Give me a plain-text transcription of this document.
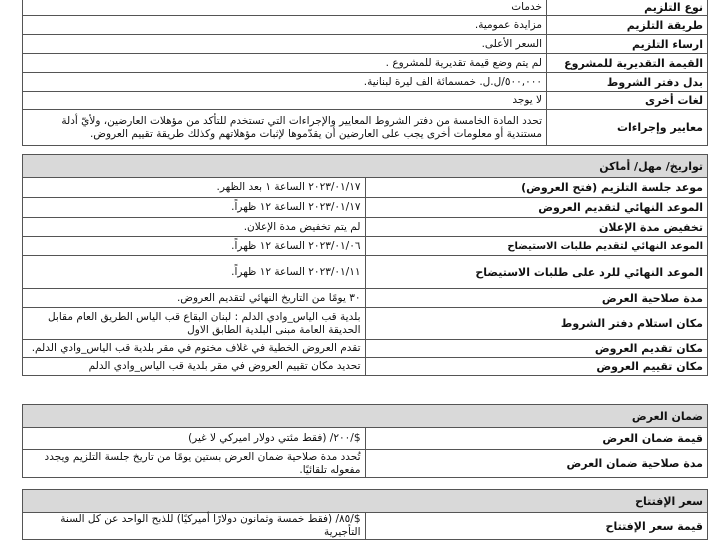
نوع التلزيم	خدمات
طريقة التلزيم	مزايدة عمومية.
ارساء التلزيم	السعر الأعلى.
القيمة التقديرية للمشروع	لم يتم وضع قيمة تقديرية للمشروع .
بدل دفتر الشروط	٥٠٠,٠٠٠/ل.ل. خمسمائة الف ليرة لبنانية.
لغات أخرى	لا يوجد
معايير وإجراءات	تحدد المادة الخامسة من دفتر الشروط المعايير والإجراءات التي تستخدم للتأكد من مؤهلات العارضين، ولأيّ أدلة مستندية أو معلومات أخرى يجب على العارضين أن يقدّموها لإثبات مؤهلاتهم وكذلك طريقة تقييم العروض.
تواريخ/ مهل/ أماكن	
موعد جلسة التلزيم (فتح العروض)	٢٠٢٣/٠١/١٧ الساعة ١ بعد الظهر.
الموعد النهائي لتقديم العروض	٢٠٢٣/٠١/١٧ الساعة ١٢ ظهراً.
تخفيض مدة الإعلان	لم يتم تخفيض مدة الإعلان.
الموعد النهائي لتقديم طلبات الاستيضاح	٢٠٢٣/٠١/٠٦ الساعة ١٢ ظهراً.
الموعد النهائي للرد على طلبات الاستيضاح	٢٠٢٣/٠١/١١ الساعة ١٢ ظهراً.
مدة صلاحية العرض	٣٠ يومًا من التاريخ النهائي لتقديم العروض.
مكان استلام دفتر الشروط	بلدية قب الياس_وادي الدلم : لبنان البقاع قب الياس الطريق العام مقابل الحديقة العامة مبنى البلدية الطابق الاول
مكان تقديم العروض	تقدم العروض الخطية في غلاف مختوم في مقر بلدية قب الياس_وادي الدلم.
مكان تقييم العروض	تحديد مكان تقييم العروض في مقر بلدية قب الياس_وادي الدلم
ضمان العرض	
قيمة ضمان العرض	$/٢٠٠/ (فقط مئتي دولار اميركي لا غير)
مدة صلاحية ضمان العرض	تُحدد مدة صلاحية ضمان العرض بستين يومًا من تاريخ جلسة التلزيم ويجدد مفعوله تلقائيًا.
سعر الإفتتاح
قيمة سعر الإفتتاح	$/٨٥/ (فقط خمسة وثمانون دولارًا أميركيًا) للذبح الواحد عن كل السنة التأجيرية
